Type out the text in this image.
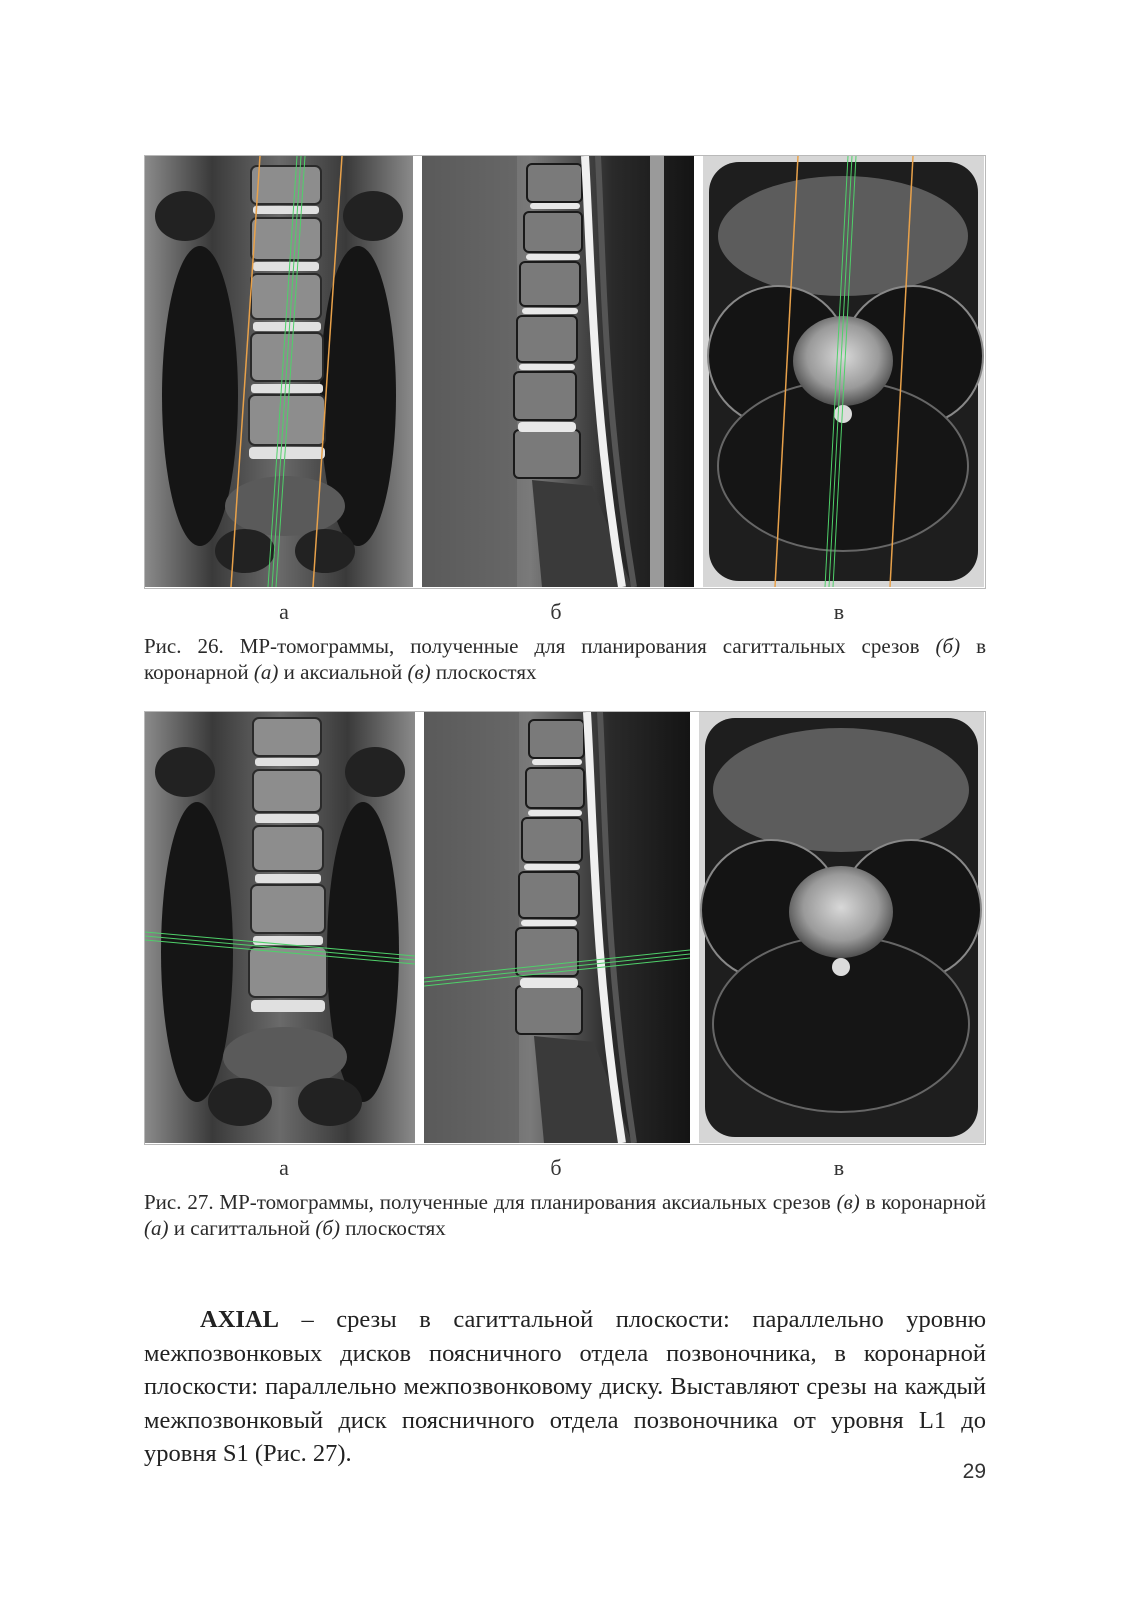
а	б	в
Рис. 26. МР-томограммы, полученные для планирования сагиттальных срезов (б) в коронарной (а) и аксиальной (в) плоскостях
а	б	в
Рис. 27. МР-томограммы, полученные для планирования аксиальных срезов (в) в коронарной (а) и сагиттальной (б) плоскостях
AXIAL – срезы в сагиттальной плоскости: параллельно уровню межпозвонковых дисков поясничного отдела позвоночника, в коронарной плоскости: параллельно межпозвонковому диску. Выставляют срезы на каждый межпозвонковый диск поясничного отдела позвоночника от уровня L1 до уровня S1 (Рис. 27).
29
